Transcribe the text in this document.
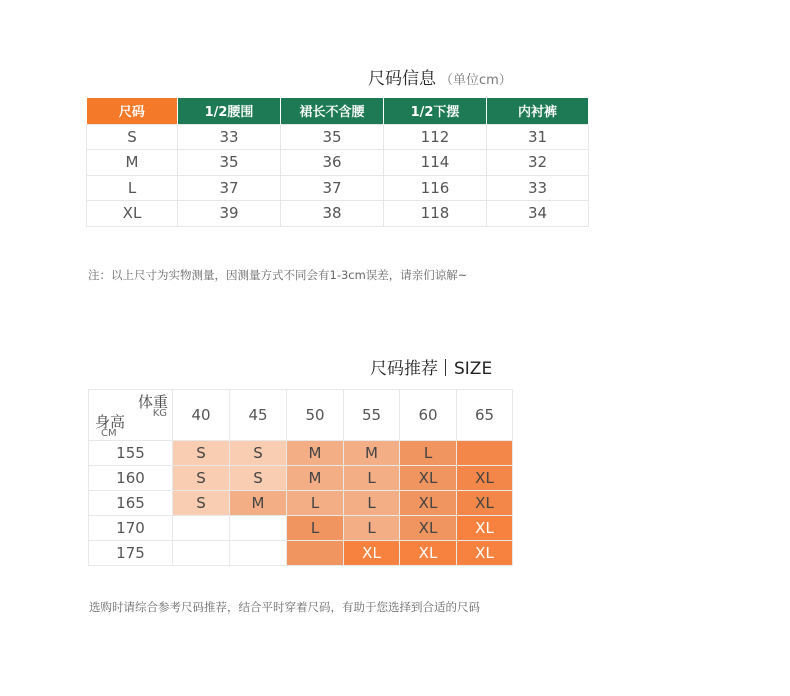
尺码信息 （单位cm）
尺码	1/2腰围	裙长不含腰	1/2下摆	内衬裤
S	33	35	112	31
M	35	36	114	32
L	37	37	116	33
XL	39	38	118	34
注：以上尺寸为实物测量，因测量方式不同会有1-3cm误差，请亲们谅解~
尺码推荐 SIZE
体重
KG
身高
CM	40	45	50	55	60	65
155	S	S	M	M	L	
160	S	S	M	L	XL	XL
165	S	M	L	L	XL	XL
170			L	L	XL	XL
175				XL	XL	XL
选购时请综合参考尺码推荐，结合平时穿着尺码，有助于您选择到合适的尺码
